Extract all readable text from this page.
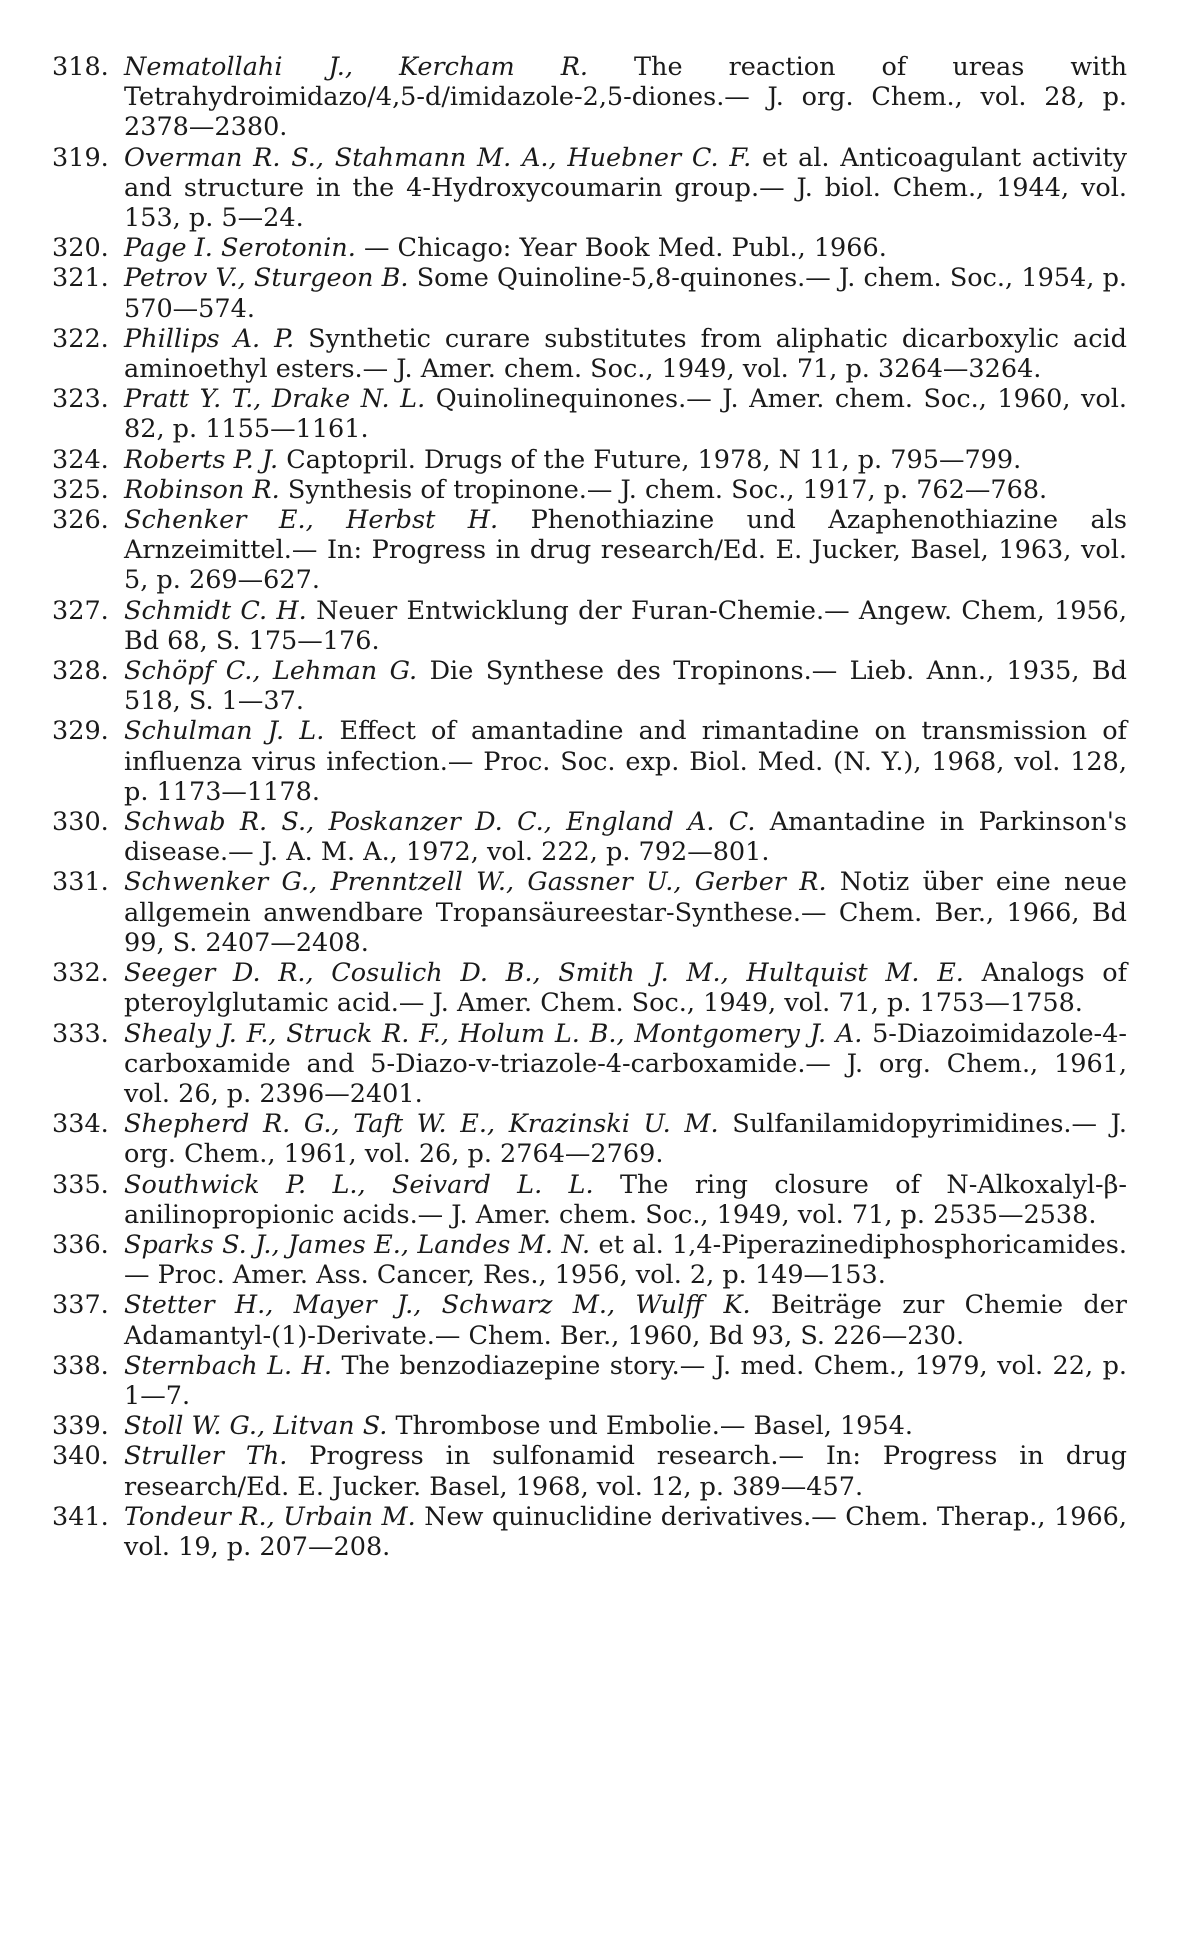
318. Nematollahi J., Kercham R. The reaction of ureas with Tetrahydroimidazo/4,5-d/imidazole-2,5-diones.— J. org. Chem., vol. 28, p. 2378—2380.

319. Overman R. S., Stahmann M. A., Huebner C. F. et al. Anticoagulant activity and structure in the 4-Hydroxycoumarin group.— J. biol. Chem., 1944, vol. 153, p. 5—24.

320. Page I. Serotonin. — Chicago: Year Book Med. Publ., 1966.

321. Petrov V., Sturgeon B. Some Quinoline-5,8-quinones.— J. chem. Soc., 1954, p. 570—574.

322. Phillips A. P. Synthetic curare substitutes from aliphatic dicarboxylic acid aminoethyl esters.— J. Amer. chem. Soc., 1949, vol. 71, p. 3264—3264.

323. Pratt Y. T., Drake N. L. Quinolinequinones.— J. Amer. chem. Soc., 1960, vol. 82, p. 1155—1161.

324. Roberts P. J. Captopril. Drugs of the Future, 1978, N 11, p. 795—799.

325. Robinson R. Synthesis of tropinone.— J. chem. Soc., 1917, p. 762—768.

326. Schenker E., Herbst H. Phenothiazine und Azaphenothiazine als Arnzeimittel.— In: Progress in drug research/Ed. E. Jucker, Basel, 1963, vol. 5, p. 269—627.

327. Schmidt C. H. Neuer Entwicklung der Furan-Chemie.— Angew. Chem, 1956, Bd 68, S. 175—176.

328. Schöpf C., Lehman G. Die Synthese des Tropinons.— Lieb. Ann., 1935, Bd 518, S. 1—37.

329. Schulman J. L. Effect of amantadine and rimantadine on transmission of influenza virus infection.— Proc. Soc. exp. Biol. Med. (N. Y.), 1968, vol. 128, p. 1173—1178.

330. Schwab R. S., Poskanzer D. C., England A. C. Amantadine in Parkinson's disease.— J. A. M. A., 1972, vol. 222, p. 792—801.

331. Schwenker G., Prenntzell W., Gassner U., Gerber R. Notiz über eine neue allgemein anwendbare Tropansäureestar-Synthese.— Chem. Ber., 1966, Bd 99, S. 2407—2408.

332. Seeger D. R., Cosulich D. B., Smith J. M., Hultquist M. E. Analogs of pteroylglutamic acid.— J. Amer. Chem. Soc., 1949, vol. 71, p. 1753—1758.

333. Shealy J. F., Struck R. F., Holum L. B., Montgomery J. A. 5-Diazoimidazole-4-carboxamide and 5-Diazo-v-triazole-4-carboxamide.— J. org. Chem., 1961, vol. 26, p. 2396—2401.

334. Shepherd R. G., Taft W. E., Krazinski U. M. Sulfanilamidopyrimidines.— J. org. Chem., 1961, vol. 26, p. 2764—2769.

335. Southwick P. L., Seivard L. L. The ring closure of N-Alkoxalyl-β-anilinopropionic acids.— J. Amer. chem. Soc., 1949, vol. 71, p. 2535—2538.

336. Sparks S. J., James E., Landes M. N. et al. 1,4-Piperazinediphosphoricamides.— Proc. Amer. Ass. Cancer, Res., 1956, vol. 2, p. 149—153.

337. Stetter H., Mayer J., Schwarz M., Wulff K. Beiträge zur Chemie der Adamantyl-(1)-Derivate.— Chem. Ber., 1960, Bd 93, S. 226—230.

338. Sternbach L. H. The benzodiazepine story.— J. med. Chem., 1979, vol. 22, p. 1—7.

339. Stoll W. G., Litvan S. Thrombose und Embolie.— Basel, 1954.

340. Struller Th. Progress in sulfonamid research.— In: Progress in drug research/Ed. E. Jucker. Basel, 1968, vol. 12, p. 389—457.

341. Tondeur R., Urbain M. New quinuclidine derivatives.— Chem. Therap., 1966, vol. 19, p. 207—208.
